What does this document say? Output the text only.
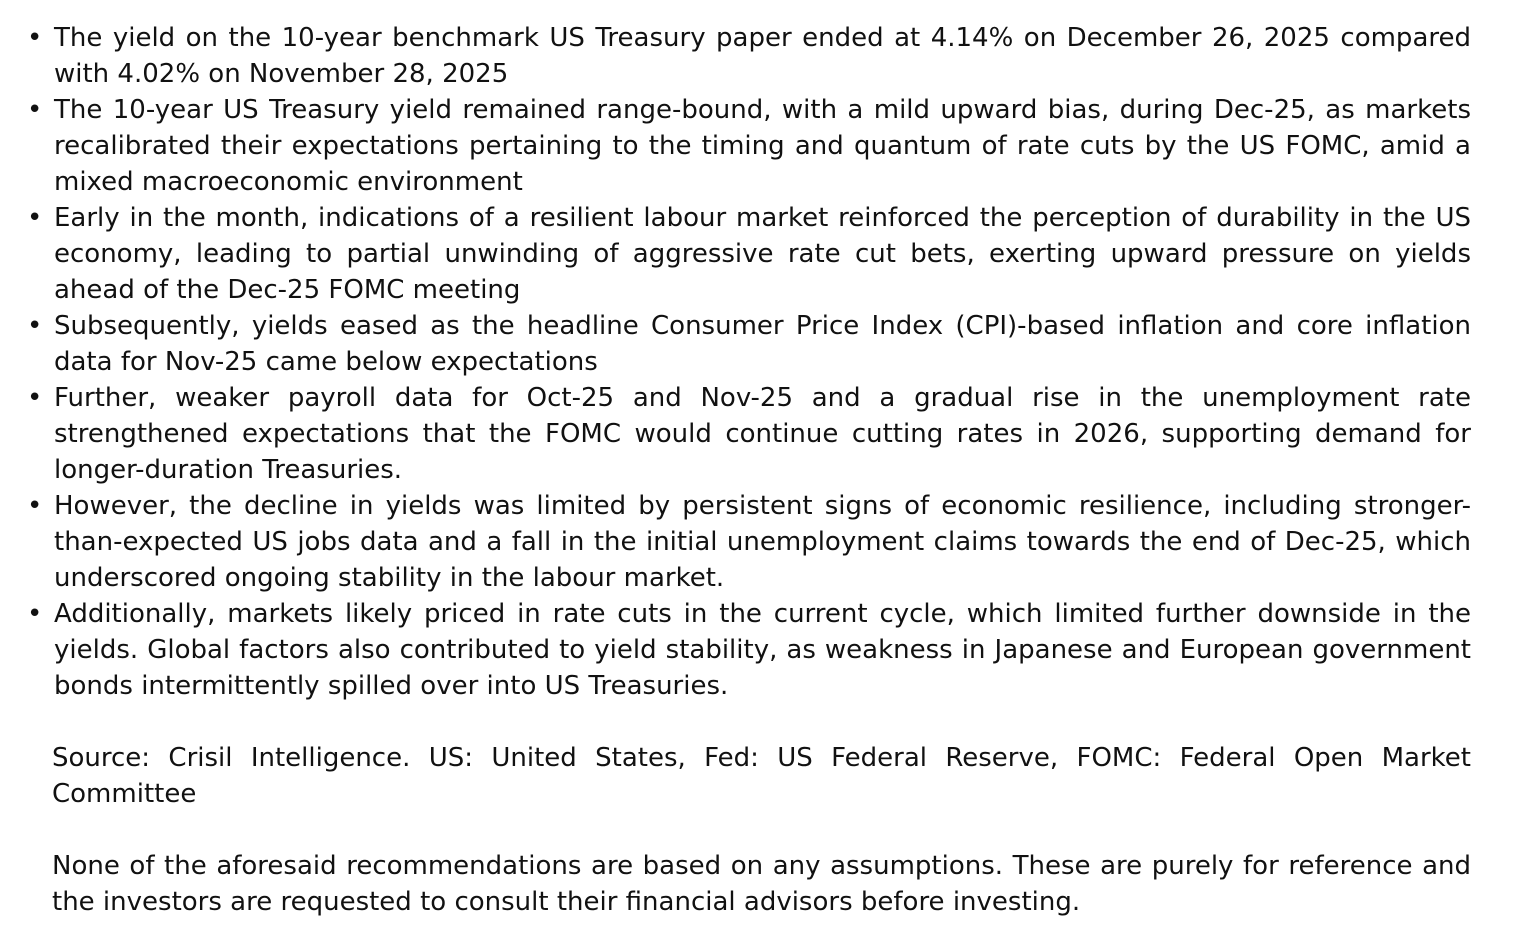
• The yield on the 10-year benchmark US Treasury paper ended at 4.14% on December 26, 2025 compared with 4.02% on November 28, 2025
• The 10-year US Treasury yield remained range-bound, with a mild upward bias, during Dec-25, as markets recalibrated their expectations pertaining to the timing and quantum of rate cuts by the US FOMC, amid a mixed macroeconomic environment
• Early in the month, indications of a resilient labour market reinforced the perception of durability in the US economy, leading to partial unwinding of aggressive rate cut bets, exerting upward pressure on yields ahead of the Dec-25 FOMC meeting
• Subsequently, yields eased as the headline Consumer Price Index (CPI)-based inflation and core inflation data for Nov-25 came below expectations
• Further, weaker payroll data for Oct-25 and Nov-25 and a gradual rise in the unemployment rate strengthened expectations that the FOMC would continue cutting rates in 2026, supporting demand for longer-duration Treasuries.
• However, the decline in yields was limited by persistent signs of economic resilience, including stronger-than-expected US jobs data and a fall in the initial unemployment claims towards the end of Dec-25, which underscored ongoing stability in the labour market.
• Additionally, markets likely priced in rate cuts in the current cycle, which limited further downside in the yields. Global factors also contributed to yield stability, as weakness in Japanese and European government bonds intermittently spilled over into US Treasuries.

Source: Crisil Intelligence. US: United States, Fed: US Federal Reserve, FOMC: Federal Open Market Committee

None of the aforesaid recommendations are based on any assumptions. These are purely for reference and the investors are requested to consult their financial advisors before investing.
